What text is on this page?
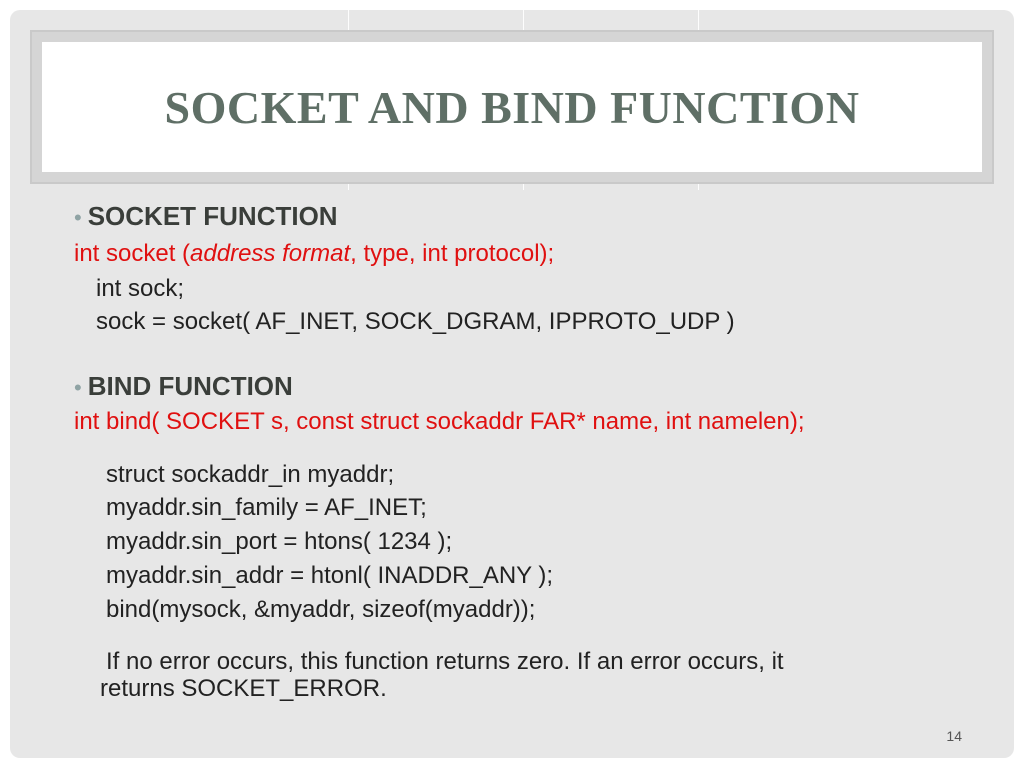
SOCKET AND BIND FUNCTION
• SOCKET FUNCTION
int socket (address format, type, int protocol);
int sock;
sock = socket( AF_INET, SOCK_DGRAM, IPPROTO_UDP )
• BIND FUNCTION
int bind( SOCKET s, const struct sockaddr FAR* name, int namelen);
struct sockaddr_in myaddr;
myaddr.sin_family = AF_INET;
myaddr.sin_port = htons( 1234 );
myaddr.sin_addr = htonl( INADDR_ANY );
bind(mysock, &myaddr, sizeof(myaddr));
If no error occurs, this function returns zero. If an error occurs, it
returns SOCKET_ERROR.
14
